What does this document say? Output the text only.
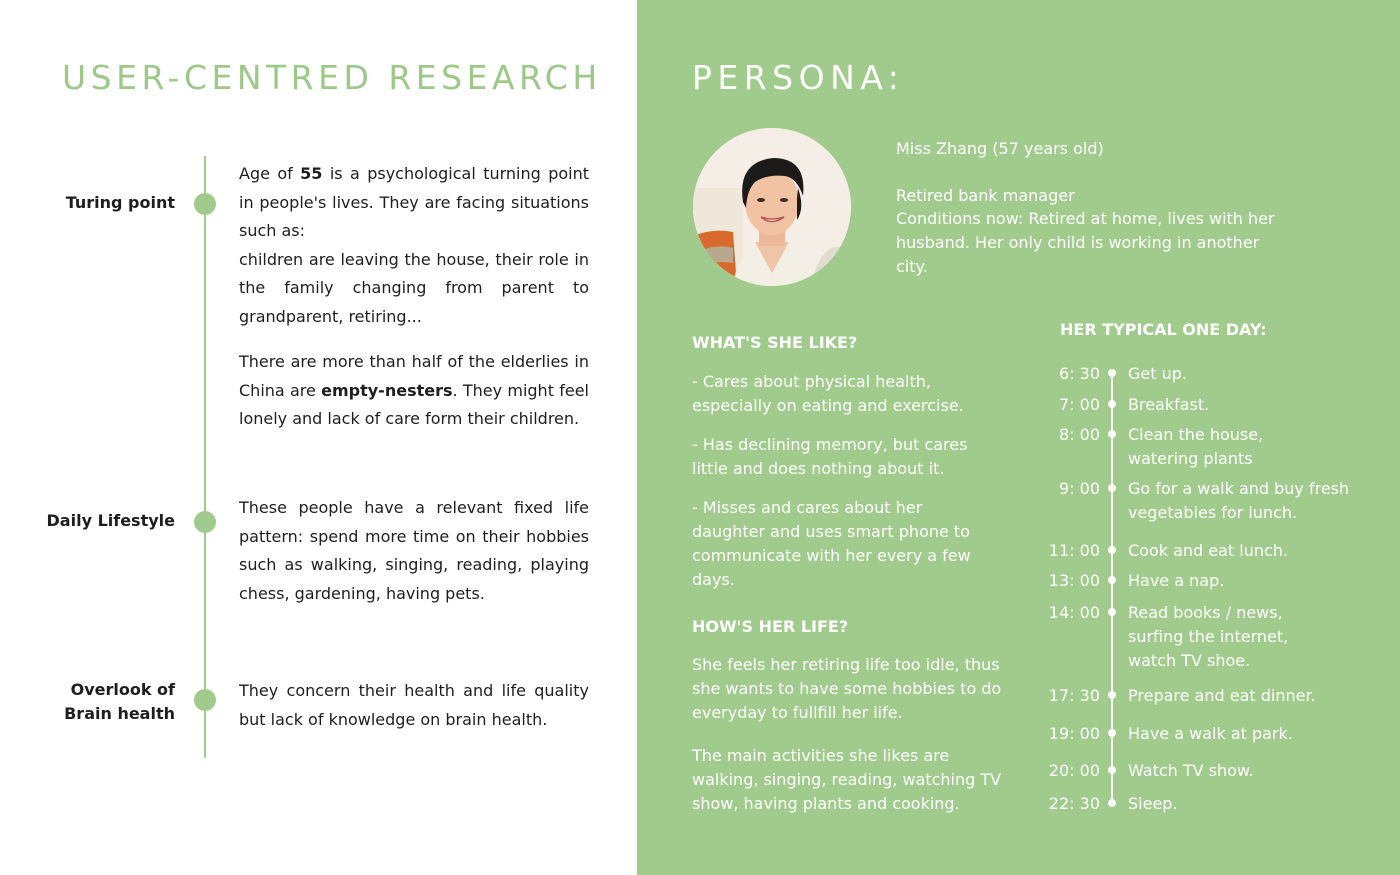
USER-CENTRED RESEARCH
Turing point

Age of 55 is a psychological turning point in people's lives. They are facing situations such as:
children are leaving the house, their role in the family changing from parent to grandparent, retiring...

There are more than half of the elderlies in China are empty-nesters. They might feel lonely and lack of care form their children.

Daily Lifestyle

These people have a relevant fixed life pattern: spend more time on their hobbies such as walking, singing, reading, playing chess, gardening, having pets.

Overlook of
Brain health

They concern their health and life quality but lack of knowledge on brain health.

PERSONA:
Miss Zhang (57 years old)
Retired bank manager
Conditions now: Retired at home, lives with her husband. Her only child is working in another city.
WHAT'S SHE LIKE?
- Cares about physical health, especially on eating and exercise.
- Has declining memory, but cares little and does nothing about it.
- Misses and cares about her daughter and uses smart phone to communicate with her every a few days.
HOW'S HER LIFE?
She feels her retiring life too idle, thus she wants to have some hobbies to do everyday to fullfill her life.
The main activities she likes are walking, singing, reading, watching TV show, having plants and cooking.
HER TYPICAL ONE DAY:
6: 30 Get up.
7: 00 Breakfast.
8: 00 Clean the house, watering plants
9: 00 Go for a walk and buy fresh vegetables for lunch.
11: 00 Cook and eat lunch.
13: 00 Have a nap.
14: 00 Read books / news, surfing the internet, watch TV shoe.
17: 30 Prepare and eat dinner.
19: 00 Have a walk at park.
20: 00 Watch TV show.
22: 30 Sleep.
